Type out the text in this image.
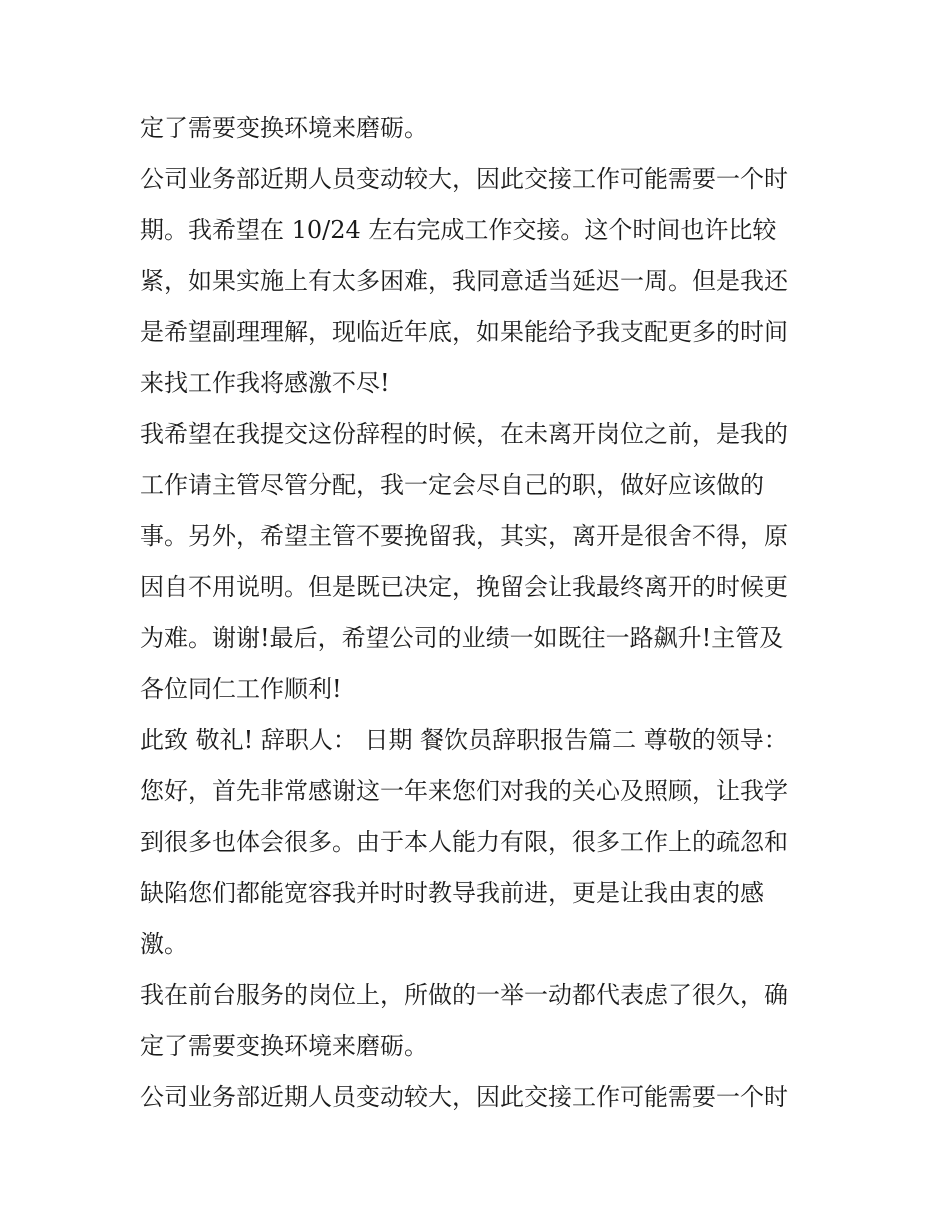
定了需要变换环境来磨砺。
公司业务部近期人员变动较大，因此交接工作可能需要一个时
期。我希望在 10/24 左右完成工作交接。这个时间也许比较
紧，如果实施上有太多困难，我同意适当延迟一周。但是我还
是希望副理理解，现临近年底，如果能给予我支配更多的时间
来找工作我将感激不尽!
我希望在我提交这份辞程的时候，在未离开岗位之前，是我的
工作请主管尽管分配，我一定会尽自己的职，做好应该做的
事。另外，希望主管不要挽留我，其实，离开是很舍不得，原
因自不用说明。但是既已决定，挽留会让我最终离开的时候更
为难。谢谢!最后，希望公司的业绩一如既往一路飙升!主管及
各位同仁工作顺利!
此致 敬礼! 辞职人： 日期 餐饮员辞职报告篇二 尊敬的领导：
您好，首先非常感谢这一年来您们对我的关心及照顾，让我学
到很多也体会很多。由于本人能力有限，很多工作上的疏忽和
缺陷您们都能宽容我并时时教导我前进，更是让我由衷的感
激。
我在前台服务的岗位上，所做的一举一动都代表虑了很久，确
定了需要变换环境来磨砺。
公司业务部近期人员变动较大，因此交接工作可能需要一个时
